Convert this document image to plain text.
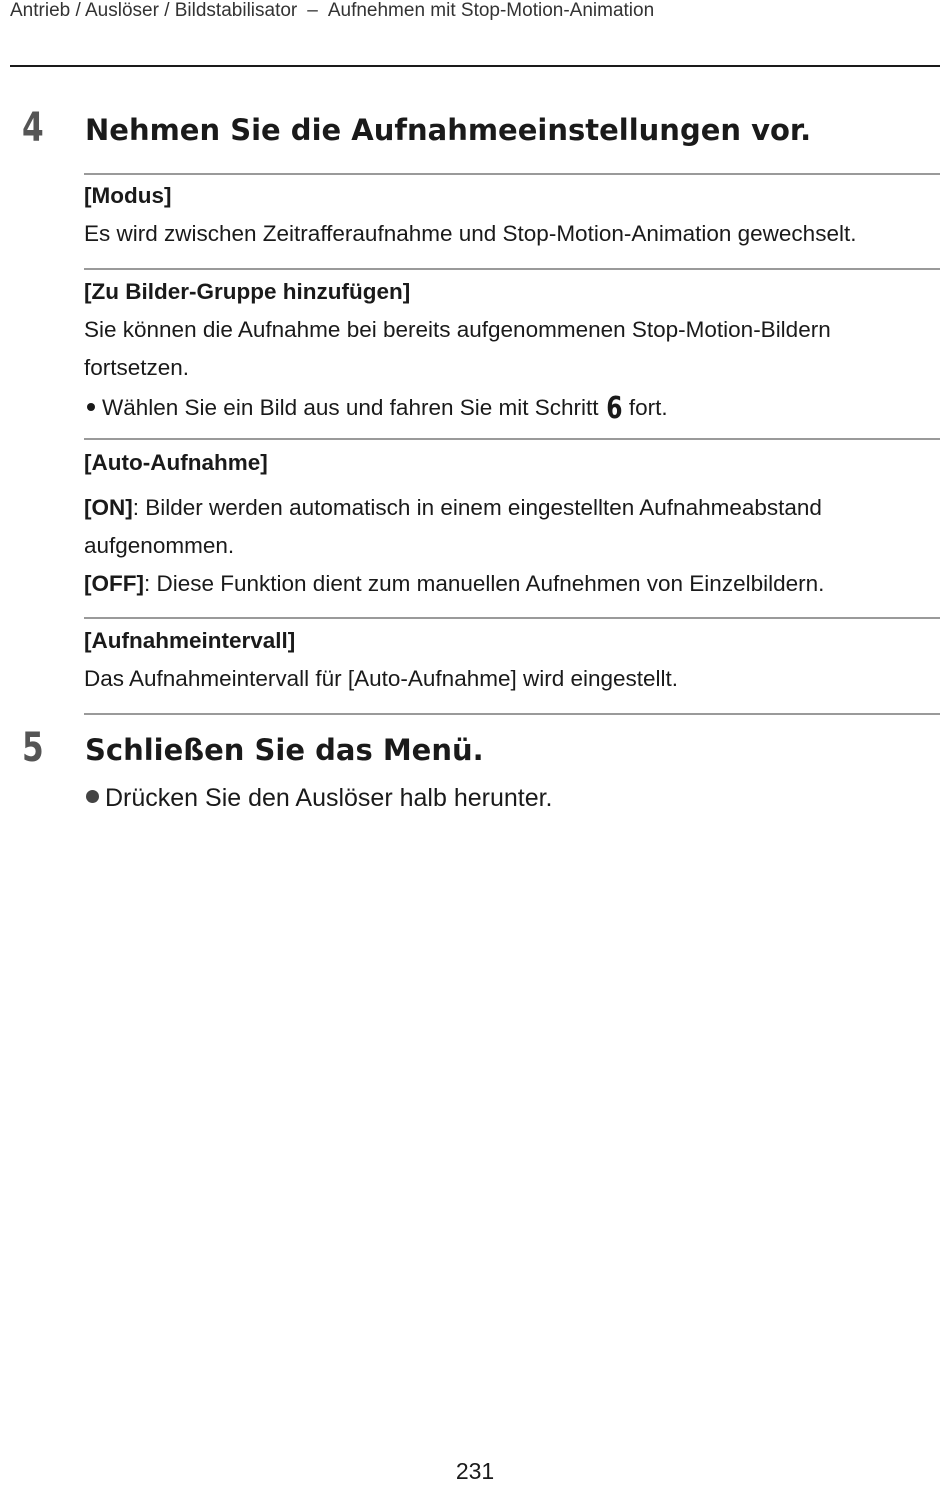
Antrieb / Auslöser / Bildstabilisator – Aufnehmen mit Stop-Motion-Animation
4 Nehmen Sie die Aufnahmeeinstellungen vor.
[Modus]
Es wird zwischen Zeitrafferaufnahme und Stop-Motion-Animation gewechselt.
[Zu Bilder-Gruppe hinzufügen]
Sie können die Aufnahme bei bereits aufgenommenen Stop-Motion-Bildern
fortsetzen.
Wählen Sie ein Bild aus und fahren Sie mit Schritt 6 fort.
[Auto-Aufnahme]
[ON]: Bilder werden automatisch in einem eingestellten Aufnahmeabstand
aufgenommen.
[OFF]: Diese Funktion dient zum manuellen Aufnehmen von Einzelbildern.
[Aufnahmeintervall]
Das Aufnahmeintervall für [Auto-Aufnahme] wird eingestellt.
5 Schließen Sie das Menü.
Drücken Sie den Auslöser halb herunter.
231
